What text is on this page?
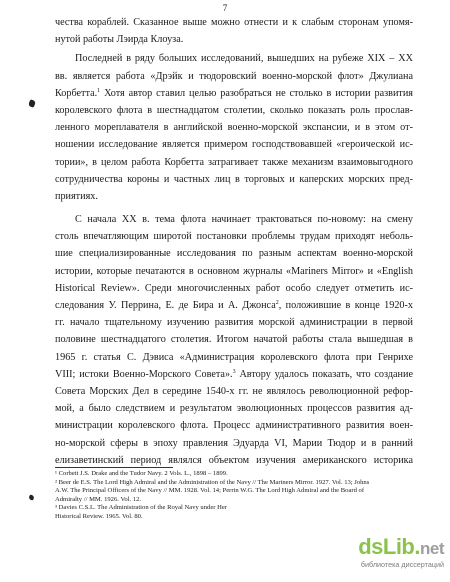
7
чества кораблей. Сказанное выше можно отнести и к слабым сторонам упомя-
нутой работы Лэирда Клоуза.
Последней в ряду больших исследований, вышедших на рубеже XIX – XX
вв. является работа «Дрэйк и тюдоровский военно-морской флот» Джулиана
Корбетта.$^1$ Хотя автор ставил целью разобраться не столько в истории развития
королевского флота в шестнадцатом столетии, сколько показать роль прослав-
ленного мореплавателя в английской военно-морской экспансии, и в этом от-
ношении исследование является примером господствовавшей «героической ис-
тории», в целом работа Корбетта затрагивает также механизм взаимовыгодного
сотрудничества короны и частных лиц в торговых и каперских морских пред-
приятиях.
С начала XX в. тема флота начинает трактоваться по-новому: на смену
столь впечатляющим широтой постановки проблемы трудам приходят неболь-
шие специализированные исследования по разным аспектам военно-морской
истории, которые печатаются в основном журналы «Mariners Mirror» и «English
Historical Review». Среди многочисленных работ особо следует отметить ис-
следования У. Перрина, Е. де Бира и А. Джонса$^2$, положившие в конце 1920-х
гг. начало тщательному изучению развития морской администрации в первой
половине шестнадцатого столетия. Итогом начатой работы стала вышедшая в
1965 г. статья С. Дэвиса «Администрация королевского флота при Генрихе
VIII; истоки Военно-Морского Совета».$^3$ Автору удалось показать, что создание
Совета Морских Дел в середине 1540-х гг. не являлось революционной рефор-
мой, а было следствием и результатом эволюционных процессов развития ад-
министрации королевского флота. Процесс административного развития воен-
но-морской сферы в эпоху правления Эдуарда VI, Марии Тюдор и в ранний
елизаветинский период являлся объектом изучения американского историка
¹ Corbett J.S. Drake and the Tudor Navy. 2 Vols. L., 1898 – 1899.
² Beer de E.S. The Lord High Admiral and the Administration of the Navy // The Mariners Mirror. 1927. Vol. 13; Johns
A.W. The Principal Officers of the Navy // MM. 1928. Vol. 14; Perrin W.G. The Lord High Admiral and the Board of
Admiralty // MM. 1926. Vol. 12.
³ Davies C.S.L. The Administration of the Royal Navy under Her
Historical Review. 1965. Vol. 80.
dsLib.net
библиотека диссертаций
